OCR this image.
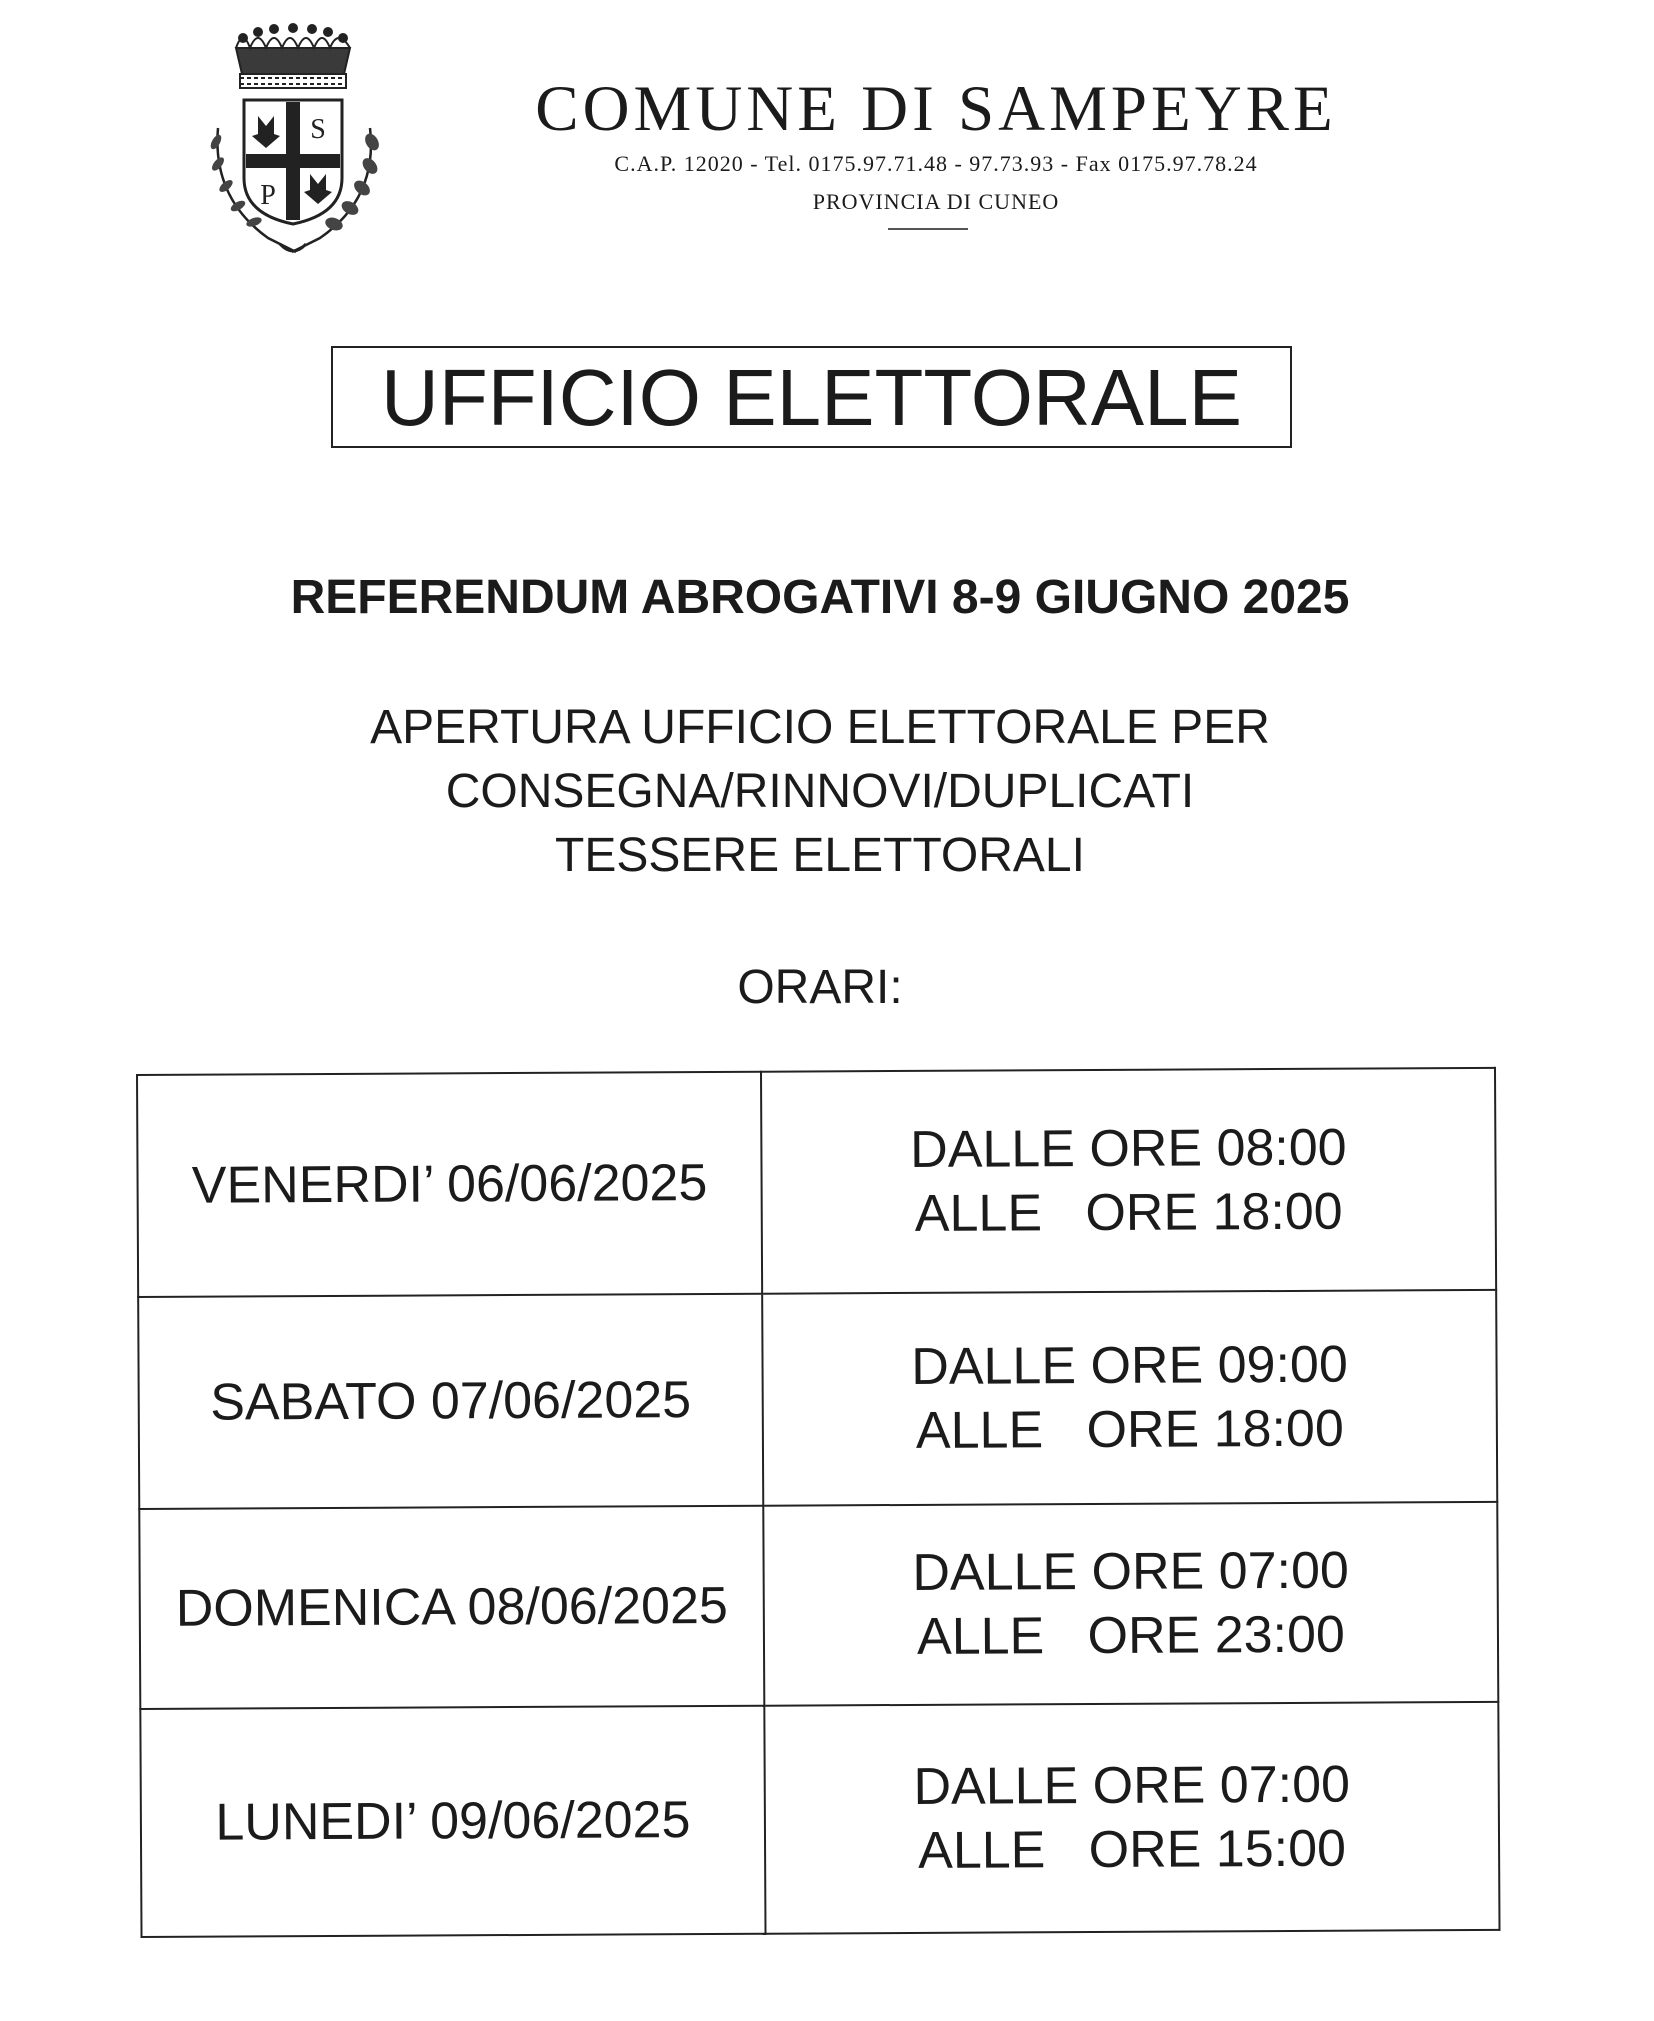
S
P
COMUNE DI SAMPEYRE
C.A.P. 12020 - Tel. 0175.97.71.48 - 97.73.93 - Fax 0175.97.78.24
PROVINCIA DI CUNEO
UFFICIO ELETTORALE
REFERENDUM ABROGATIVI 8-9 GIUGNO 2025
APERTURA UFFICIO ELETTORALE PER
CONSEGNA/RINNOVI/DUPLICATI
TESSERE ELETTORALI
ORARI:
VENERDI’ 06/06/2025	DALLE ORE 08:00
ALLE   ORE 18:00

SABATO 07/06/2025	DALLE ORE 09:00
ALLE   ORE 18:00

DOMENICA 08/06/2025	DALLE ORE 07:00
ALLE   ORE 23:00

LUNEDI’ 09/06/2025	DALLE ORE 07:00
ALLE   ORE 15:00
